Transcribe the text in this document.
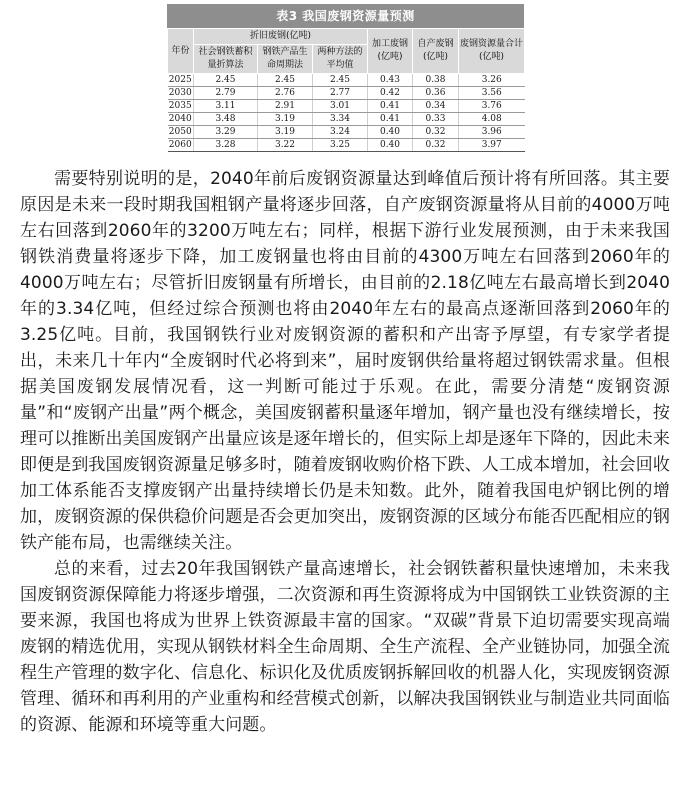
表3 我国废钢资源量预测
年份	折旧废钢(亿吨)			加工废钢(亿吨)	自产废钢(亿吨)	废钢资源量合计(亿吨)
	社会钢铁蓄积量折算法	钢铁产品生命周期法	两种方法的平均值			
2025	2.45	2.45	2.45	0.43	0.38	3.26
2030	2.79	2.76	2.77	0.42	0.36	3.56
2035	3.11	2.91	3.01	0.41	0.34	3.76
2040	3.48	3.19	3.34	0.41	0.33	4.08
2050	3.29	3.19	3.24	0.40	0.32	3.96
2060	3.28	3.22	3.25	0.40	0.32	3.97

需要特别说明的是，2040年前后废钢资源量达到峰值后预计将有所回落。其主要原因是未来一段时期我国粗钢产量将逐步回落，自产废钢资源量将从目前的4000万吨左右回落到2060年的3200万吨左右；同样，根据下游行业发展预测，由于未来我国钢铁消费量将逐步下降，加工废钢量也将由目前的4300万吨左右回落到2060年的4000万吨左右；尽管折旧废钢量有所增长，由目前的2.18亿吨左右最高增长到2040年的3.34亿吨，但经过综合预测也将由2040年左右的最高点逐渐回落到2060年的3.25亿吨。目前，我国钢铁行业对废钢资源的蓄积和产出寄予厚望，有专家学者提出，未来几十年内“全废钢时代必将到来”，届时废钢供给量将超过钢铁需求量。但根据美国废钢发展情况看，这一判断可能过于乐观。在此，需要分清楚“废钢资源量”和“废钢产出量”两个概念，美国废钢蓄积量逐年增加，钢产量也没有继续增长，按理可以推断出美国废钢产出量应该是逐年增长的，但实际上却是逐年下降的，因此未来即便是到我国废钢资源量足够多时，随着废钢收购价格下跌、人工成本增加，社会回收加工体系能否支撑废钢产出量持续增长仍是未知数。此外，随着我国电炉钢比例的增加，废钢资源的保供稳价问题是否会更加突出，废钢资源的区域分布能否匹配相应的钢铁产能布局，也需继续关注。

总的来看，过去20年我国钢铁产量高速增长，社会钢铁蓄积量快速增加，未来我国废钢资源保障能力将逐步增强，二次资源和再生资源将成为中国钢铁工业铁资源的主要来源，我国也将成为世界上铁资源最丰富的国家。“双碳”背景下迫切需要实现高端废钢的精选优用，实现从钢铁材料全生命周期、全生产流程、全产业链协同，加强全流程生产管理的数字化、信息化、标识化及优质废钢拆解回收的机器人化，实现废钢资源管理、循环和再利用的产业重构和经营模式创新，以解决我国钢铁业与制造业共同面临的资源、能源和环境等重大问题。
